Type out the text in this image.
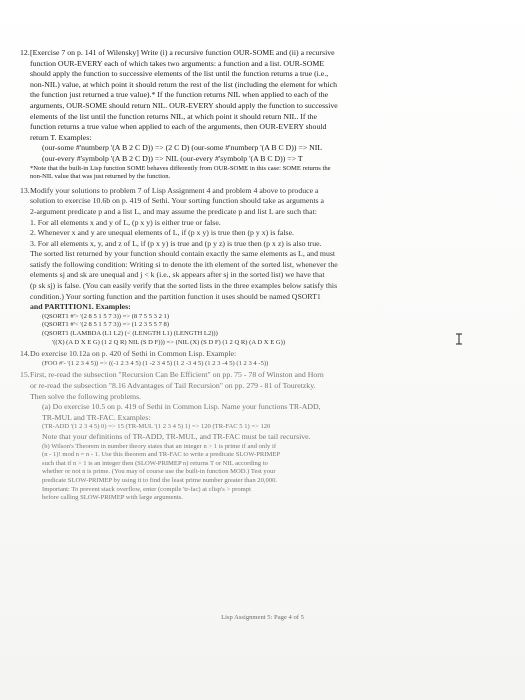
12. [Exercise 7 on p. 141 of Wilensky] Write (i) a recursive function OUR-SOME and (ii) a recursive
function OUR-EVERY each of which takes two arguments: a function and a list. OUR-SOME
should apply the function to successive elements of the list until the function returns a true (i.e.,
non-NIL) value, at which point it should return the rest of the list (including the element for which
the function just returned a true value).* If the function returns NIL when applied to each of the
arguments, OUR-SOME should return NIL. OUR-EVERY should apply the function to successive
elements of the list until the function returns NIL, at which point it should return NIL. If the
function returns a true value when applied to each of the arguments, then OUR-EVERY should
return T. Examples:
(our-some #'numberp '(A B 2 C D)) => (2 C D) (our-some #'numberp '(A B C D)) => NIL
(our-every #'symbolp '(A B 2 C D)) => NIL (our-every #'symbolp '(A B C D)) => T
*Note that the built-in Lisp function SOME behaves differently from OUR-SOME in this case: SOME returns the
non-NIL value that was just returned by the function.
13. Modify your solutions to problem 7 of Lisp Assignment 4 and problem 4 above to produce a
solution to exercise 10.6b on p. 419 of Sethi. Your sorting function should take as arguments a
2-argument predicate p and a list L, and may assume the predicate p and list L are such that:
1. For all elements x and y of L, (p x y) is either true or false.
2. Whenever x and y are unequal elements of L, if (p x y) is true then (p y x) is false.
3. For all elements x, y, and z of L, if (p x y) is true and (p y z) is true then (p x z) is also true.
The sorted list returned by your function should contain exactly the same elements as L, and must
satisfy the following condition: Writing si to denote the ith element of the sorted list, whenever the
elements sj and sk are unequal and j < k (i.e., sk appears after sj in the sorted list) we have that
(p sk sj) is false. (You can easily verify that the sorted lists in the three examples below satisfy this
condition.) Your sorting function and the partition function it uses should be named QSORT1
and PARTITION1. Examples:
(QSORT1 #'> '(2 8 5 1 5 7 3)) => (8 7 5 5 3 2 1)
(QSORT1 #'< '(2 8 5 1 5 7 3)) => (1 2 3 5 5 7 8)
(QSORT1 (LAMBDA (L1 L2) (< (LENGTH L1) (LENGTH L2)))
'((X) (A D X E G) (1 2 Q R) NIL (S D F))) => (NIL (X) (S D F) (1 2 Q R) (A D X E G))
14. Do exercise 10.12a on p. 420 of Sethi in Common Lisp. Example:
(FOO #'- '(1 2 3 4 5)) => ((-1 2 3 4 5) (1 -2 3 4 5) (1 2 -3 4 5) (1 2 3 -4 5) (1 2 3 4 -5))
15. First, re-read the subsection "Recursion Can Be Efficient" on pp. 75 - 78 of Winston and Horn
or re-read the subsection "8.16 Advantages of Tail Recursion" on pp. 279 - 81 of Touretzky.
Then solve the following problems.
(a) Do exercise 10.5 on p. 419 of Sethi in Common Lisp. Name your functions TR-ADD,
TR-MUL and TR-FAC. Examples:
(TR-ADD '(1 2 3 4 5) 0) => 15 (TR-MUL '(1 2 3 4 5) 1) => 120 (TR-FAC 5 1) => 120
Note that your definitions of TR-ADD, TR-MUL, and TR-FAC must be tail recursive.
(b) Wilson's Theorem in number theory states that an integer n > 1 is prime if and only if
(n - 1)! mod n = n - 1. Use this theorem and TR-FAC to write a predicate SLOW-PRIMEP
such that if n > 1 is an integer then (SLOW-PRIMEP n) returns T or NIL according to
whether or not n is prime. (You may of course use the built-in function MOD.) Test your
predicate SLOW-PRIMEP by using it to find the least prime number greater than 20,000.
Important: To prevent stack overflow, enter (compile 'tr-fac) at clisp's > prompt
before calling SLOW-PRIMEP with large arguments.
Lisp Assignment 5: Page 4 of 5
